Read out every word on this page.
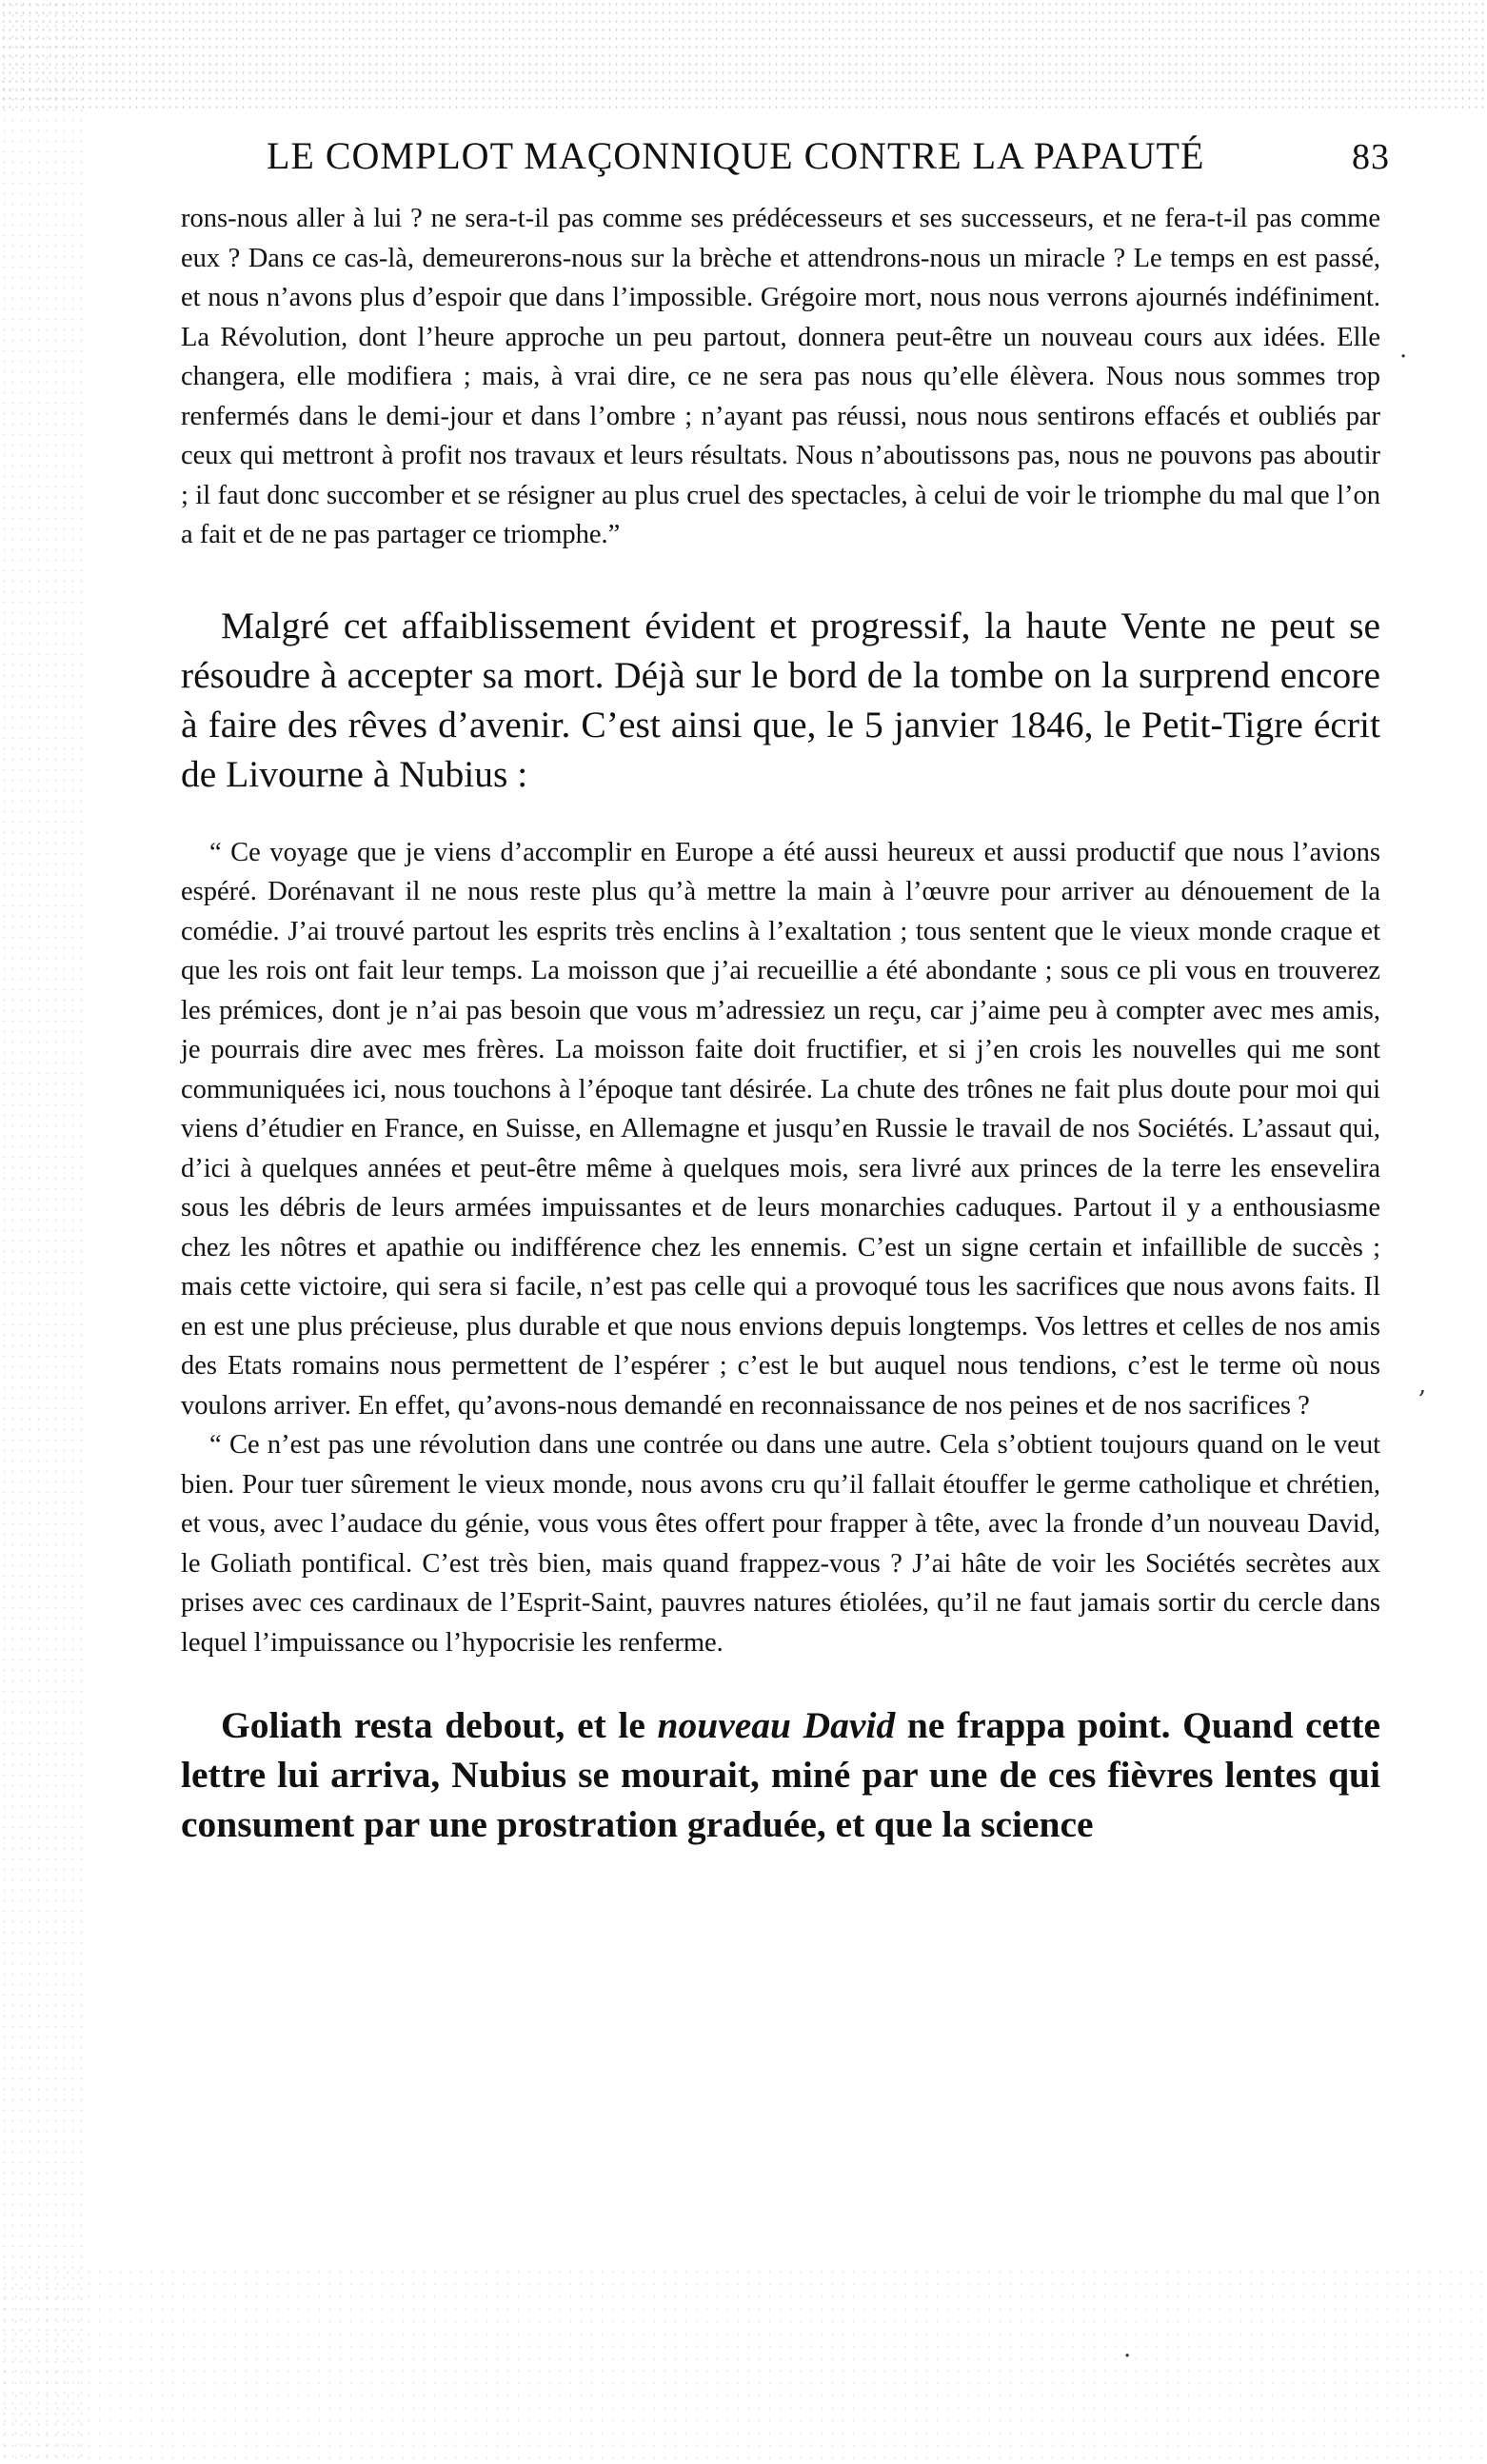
LE COMPLOT MAÇONNIQUE CONTRE LA PAPAUTÉ	83

rons-nous aller à lui ? ne sera-t-il pas comme ses prédécesseurs et ses successeurs, et ne fera-t-il pas comme eux ? Dans ce cas-là, demeurerons-nous sur la brèche et attendrons-nous un miracle ? Le temps en est passé, et nous n’avons plus d’espoir que dans l’impossible. Grégoire mort, nous nous verrons ajournés indéfiniment. La Révolution, dont l’heure approche un peu partout, donnera peut-être un nouveau cours aux idées. Elle changera, elle modifiera ; mais, à vrai dire, ce ne sera pas nous qu’elle élèvera. Nous nous sommes trop renfermés dans le demi-jour et dans l’ombre ; n’ayant pas réussi, nous nous sentirons effacés et oubliés par ceux qui mettront à profit nos travaux et leurs résultats. Nous n’aboutissons pas, nous ne pouvons pas aboutir ; il faut donc succomber et se résigner au plus cruel des spectacles, à celui de voir le triomphe du mal que l’on a fait et de ne pas partager ce triomphe.”

Malgré cet affaiblissement évident et progressif, la haute Vente ne peut se résoudre à accepter sa mort. Déjà sur le bord de la tombe on la surprend encore à faire des rêves d’avenir. C’est ainsi que, le 5 janvier 1846, le Petit-Tigre écrit de Livourne à Nubius :

“ Ce voyage que je viens d’accomplir en Europe a été aussi heureux et aussi productif que nous l’avions espéré. Dorénavant il ne nous reste plus qu’à mettre la main à l’œuvre pour arriver au dénouement de la comédie. J’ai trouvé partout les esprits très enclins à l’exaltation ; tous sentent que le vieux monde craque et que les rois ont fait leur temps. La moisson que j’ai recueillie a été abondante ; sous ce pli vous en trouverez les prémices, dont je n’ai pas besoin que vous m’adressiez un reçu, car j’aime peu à compter avec mes amis, je pourrais dire avec mes frères. La moisson faite doit fructifier, et si j’en crois les nouvelles qui me sont communiquées ici, nous touchons à l’époque tant désirée. La chute des trônes ne fait plus doute pour moi qui viens d’étudier en France, en Suisse, en Allemagne et jusqu’en Russie le travail de nos Sociétés. L’assaut qui, d’ici à quelques années et peut-être même à quelques mois, sera livré aux princes de la terre les ensevelira sous les débris de leurs armées impuissantes et de leurs monarchies caduques. Partout il y a enthousiasme chez les nôtres et apathie ou indifférence chez les ennemis. C’est un signe certain et infaillible de succès ; mais cette victoire, qui sera si facile, n’est pas celle qui a provoqué tous les sacrifices que nous avons faits. Il en est une plus précieuse, plus durable et que nous envions depuis longtemps. Vos lettres et celles de nos amis des Etats romains nous permettent de l’espérer ; c’est le but auquel nous tendions, c’est le terme où nous voulons arriver. En effet, qu’avons-nous demandé en reconnaissance de nos peines et de nos sacrifices ?

“ Ce n’est pas une révolution dans une contrée ou dans une autre. Cela s’obtient toujours quand on le veut bien. Pour tuer sûrement le vieux monde, nous avons cru qu’il fallait étouffer le germe catholique et chrétien, et vous, avec l’audace du génie, vous vous êtes offert pour frapper à tête, avec la fronde d’un nouveau David, le Goliath pontifical. C’est très bien, mais quand frappez-vous ? J’ai hâte de voir les Sociétés secrètes aux prises avec ces cardinaux de l’Esprit-Saint, pauvres natures étiolées, qu’il ne faut jamais sortir du cercle dans lequel l’impuissance ou l’hypocrisie les renferme.

Goliath resta debout, et le nouveau David ne frappa point. Quand cette lettre lui arriva, Nubius se mourait, miné par une de ces fièvres lentes qui consument par une prostration graduée, et que la science

·
,
·
